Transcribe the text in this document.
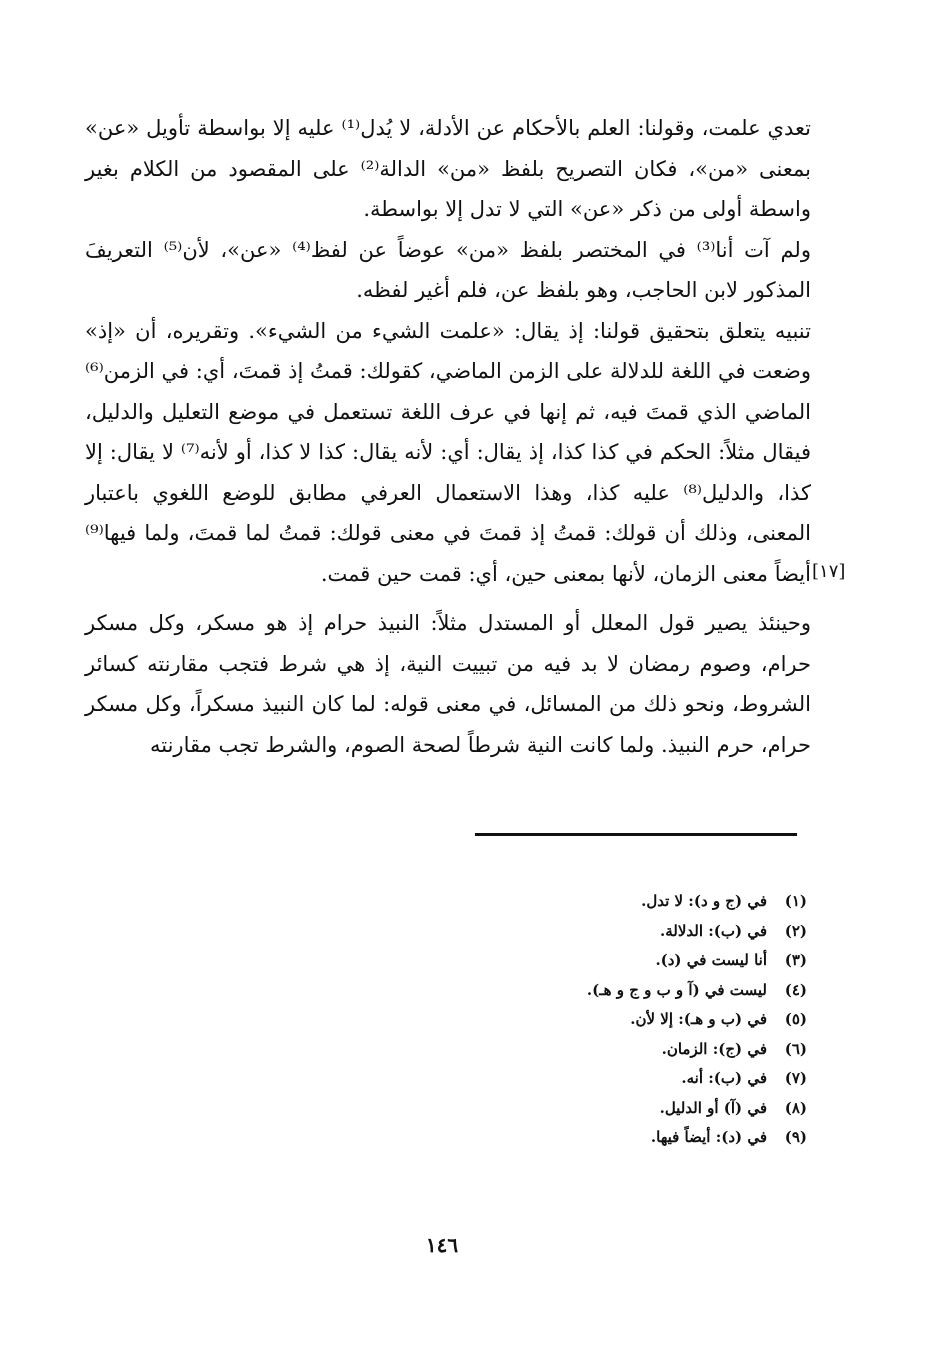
تعدي علمت، وقولنا: العلم بالأحكام عن الأدلة، لا يُدل⁽¹⁾ عليه إلا بواسطة تأويل «عن» بمعنى «من»، فكان التصريح بلفظ «من» الدالة⁽²⁾ على المقصود من الكلام بغير واسطة أولى من ذكر «عن» التي لا تدل إلا بواسطة.

ولم آت أنا⁽³⁾ في المختصر بلفظ «من» عوضاً عن لفظ⁽⁴⁾ «عن»، لأن⁽⁵⁾ التعريفَ المذكور لابن الحاجب، وهو بلفظ عن، فلم أغير لفظه.

تنبيه يتعلق بتحقيق قولنا: إذ يقال: «علمت الشيء من الشيء». وتقريره، أن «إذ» وضعت في اللغة للدلالة على الزمن الماضي، كقولك: قمتُ إذ قمتَ، أي: في الزمن⁽⁶⁾ الماضي الذي قمتَ فيه، ثم إنها في عرف اللغة تستعمل في موضع التعليل والدليل، فيقال مثلاً: الحكم في كذا كذا، إذ يقال: أي: لأنه يقال: كذا لا كذا، أو لأنه⁽⁷⁾ لا يقال: إلا كذا، والدليل⁽⁸⁾ عليه كذا، وهذا الاستعمال العرفي مطابق للوضع اللغوي باعتبار المعنى، وذلك أن قولك: قمتُ إذ قمتَ في معنى قولك: قمتُ لما قمتَ، ولما فيها⁽⁹⁾ أيضاً معنى الزمان، لأنها بمعنى حين، أي: قمت حين قمت.

وحينئذ يصير قول المعلل أو المستدل مثلاً: النبيذ حرام إذ هو مسكر، وكل مسكر حرام، وصوم رمضان لا بد فيه من تبييت النية، إذ هي شرط فتجب مقارنته كسائر الشروط، ونحو ذلك من المسائل، في معنى قوله: لما كان النبيذ مسكراً، وكل مسكر حرام، حرم النبيذ. ولما كانت النية شرطاً لصحة الصوم، والشرط تجب مقارنته

[١٧]
(١)
في (ج و د): لا تدل.
(٢)
في (ب): الدلالة.
(٣)
أنا ليست في (د).
(٤)
ليست في (آ و ب و ج و هـ).
(٥)
في (ب و هـ): إلا لأن.
(٦)
في (ج): الزمان.
(٧)
في (ب): أنه.
(٨)
في (آ) أو الدليل.
(٩)
في (د): أيضاً فيها.
١٤٦
